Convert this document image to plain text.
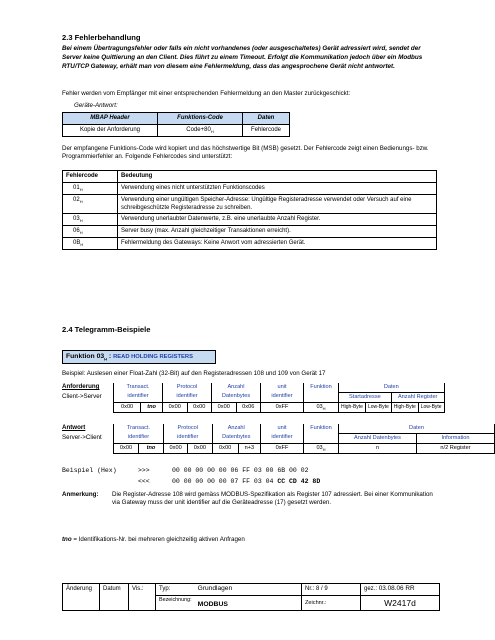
2.3 Fehlerbehandlung

Bei einem Übertragungsfehler oder falls ein nicht vorhandenes (oder ausgeschaltetes) Gerät adressiert wird, sendet der Server keine Quittierung an den Client. Dies führt zu einem Timeout. Erfolgt die Kommunikation jedoch über ein Modbus RTU/TCP Gateway, erhält man von diesem eine Fehlermeldung, dass das angesprochene Gerät nicht antwortet.

Fehler werden vom Empfänger mit einer entsprechenden Fehlermeldung an den Master zurückgeschickt:

Geräte-Antwort:
MBAP Header	Funktions-Code	Daten
Kopie der Anforderung	$Code+80_H$	Fehlercode

Der empfangene Funktions-Code wird kopiert und das höchstwertige Bit (MSB) gesetzt. Der Fehlercode zeigt einen Bedienungs- bzw. Programmierfehler an. Folgende Fehlercodes sind unterstützt:

Fehlercode	Bedeutung
$01_H$	Verwendung eines nicht unterstützten Funktionscodes
$02_H$	Verwendung einer ungültigen Speicher-Adresse: Ungültige Registeradresse verwendet oder Versuch auf eine schreibgeschützte Registeradresse zu schreiben.
$03_H$	Verwendung unerlaubter Datenwerte, z.B. eine unerlaubte Anzahl Register.
$06_H$	Server busy (max. Anzahl gleichzeitiger Transaktionen erreicht).
$0B_H$	Fehlermeldung des Gateways: Keine Anwort vom adressierten Gerät.
2.4 Telegramm-Beispiele
Funktion $03_H$ : READ HOLDING REGISTERS

Beispiel: Auslesen einer Float-Zahl (32-Bit) auf den Registeradressen 108 und 109 von Gerät 17

Anforderung
Client->Server
Transact.		Protocol		Anzahl		unit	Funktion	Daten			
identifier		identifier		Datenbytes		identifier		Startadresse		Anzahl Register	
0x00	tno	0x00	0x00	0x00	0x06	0xFF	$03_H$	High-Byte	Low-Byte	High-Byte	Low-Byte
Antwort
Server->Client
Transact.		Protocol		Anzahl		unit	Funktion	Daten	
identifier		identifier		Datenbytes		identifier		Anzahl Datenbytes	Information
0x00	tno	0x00	0x00	0x00	n+3	0xFF	$03_H$	n	n/2 Register
Beispiel (Hex)	>>>	00 00 00 00 00 06 FF 03 00 6B 00 02
<<<	00 00 00 00 00 07 FF 03 04 CC CD 42 8D
Anmerkung: Die Register-Adresse 108 wird gemäss MODBUS-Spezifikation als Register 107 adressiert. Bei einer Kommunikation via Gateway muss der unit identifier auf die Geräteadresse (17) gesetzt werden.

tno = Identifikations-Nr. bei mehreren gleichzeitig aktiven Anfragen
Änderung	Datum	Vis.:	Typ:	Grundlagen	Nr.: 8 / 9	gez.: 03.08.06 RR
			Bezeichnung:	MODBUS	Zeichnr.:	W2417d
